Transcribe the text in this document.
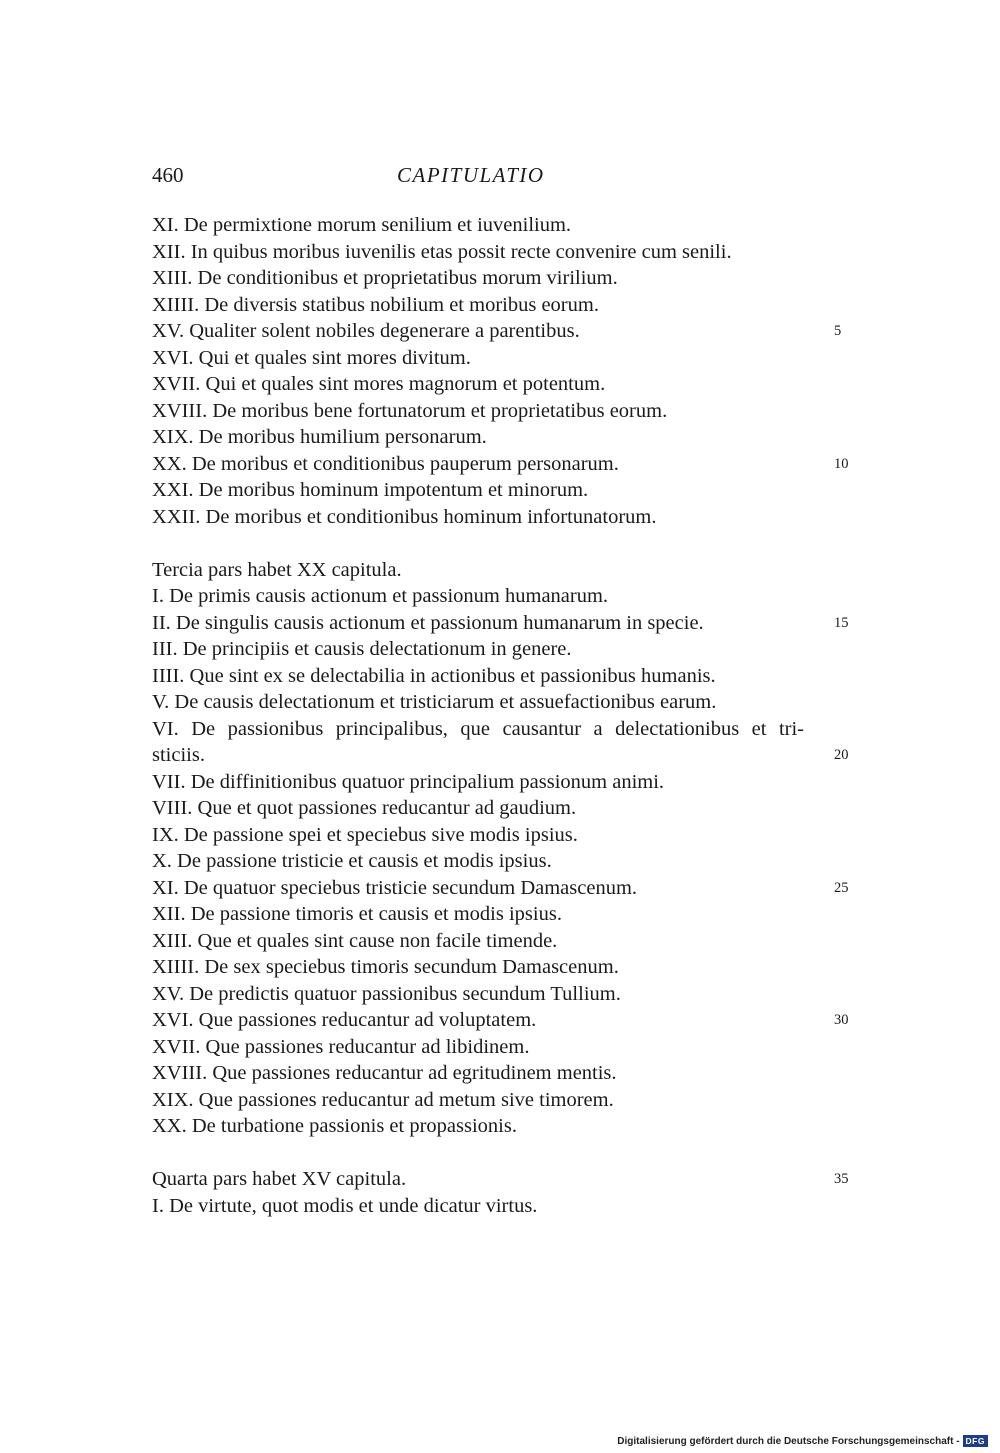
460	CAPITULATIO
XI. De permixtione morum senilium et iuvenilium.
XII. In quibus moribus iuvenilis etas possit recte convenire cum senili.
XIII. De conditionibus et proprietatibus morum virilium.
XIIII. De diversis statibus nobilium et moribus eorum.
XV. Qualiter solent nobiles degenerare a parentibus.	5
XVI. Qui et quales sint mores divitum.
XVII. Qui et quales sint mores magnorum et potentum.
XVIII. De moribus bene fortunatorum et proprietatibus eorum.
XIX. De moribus humilium personarum.
XX. De moribus et conditionibus pauperum personarum.	10
XXI. De moribus hominum impotentum et minorum.
XXII. De moribus et conditionibus hominum infortunatorum.
Tercia pars habet XX capitula.
I. De primis causis actionum et passionum humanarum.
II. De singulis causis actionum et passionum humanarum in specie.	15
III. De principiis et causis delectationum in genere.
IIII. Que sint ex se delectabilia in actionibus et passionibus humanis.
V. De causis delectationum et tristiciarum et assuefactionibus earum.
VI. De passionibus principalibus, que causantur a delectationibus et tri-
sticiis.	20
VII. De diffinitionibus quatuor principalium passionum animi.
VIII. Que et quot passiones reducantur ad gaudium.
IX. De passione spei et speciebus sive modis ipsius.
X. De passione tristicie et causis et modis ipsius.
XI. De quatuor speciebus tristicie secundum Damascenum.	25
XII. De passione timoris et causis et modis ipsius.
XIII. Que et quales sint cause non facile timende.
XIIII. De sex speciebus timoris secundum Damascenum.
XV. De predictis quatuor passionibus secundum Tullium.
XVI. Que passiones reducantur ad voluptatem.	30
XVII. Que passiones reducantur ad libidinem.
XVIII. Que passiones reducantur ad egritudinem mentis.
XIX. Que passiones reducantur ad metum sive timorem.
XX. De turbatione passionis et propassionis.
Quarta pars habet XV capitula.	35
I. De virtute, quot modis et unde dicatur virtus.
Digitalisierung gefördert durch die Deutsche Forschungsgemeinschaft - DFG
